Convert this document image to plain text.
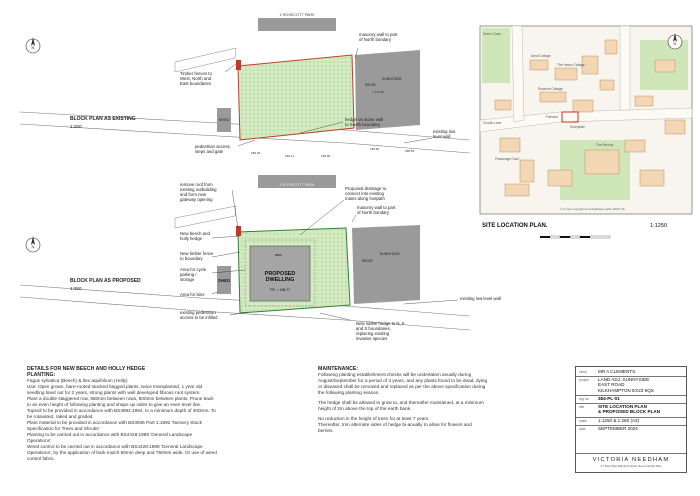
N
1 ROSECOTT PARK
SHED
RIDGE
SUNNYSIDE
+ 170.16
189.29
189.11	188.90
188.82	188.55
BLOCK PLAN AS EXISTING
1:250
masonry wall to part of North bondary
Timber fences to West, North and East boundaries
hedge on stone wall to South boundary
existing low level wall
pedestrian access, steps and gate
N
1 ROSECOTT PARK
PROPOSED DWELLING
FFL = 188.77
8800
SHED
RIDGE
SUNNYSIDE
BLOCK PLAN AS PROPOSED
1:250
remove roof from existing outbuilding and form new gateway opening
Proposed drainage to connect into existing mains along footpath
masonry wall to part of North bondary
New beech and holly hedge
New timber fence to boundary
Area for cycle parking / storage
Area for bins
existing low level wall
existing pedestrian access to be infilled
New native hedge to N, E and S boundaries, replacing existing invasive species
Arnot Cottage
The Haven Cottage
Rosecott Cottage
Fairview
Sunnyside
Parsonage Court
The Rectory
Green Close
Church Lane
N
© Crown copyright and database rights 2024 OS
SITE LOCATION PLAN.	1:1250
DETAILS FOR NEW BEECH AND HOLLY HEDGE
PLANTING:
Fagus sylvatica (Beech) & Ilex aquifolium (Holly)
Use: Open grown, bare-rooted stocked bagged plants, twice transplanted, 1 year old
seedling lined out for 2 years, strong plants with well developed fibrous root system.
Plant a double staggered row, 650mm between rows, 500mm between plants. Prune back
to an even height of following planting and shape up sides to give an even level line.
Topsoil to be provided in accordance with BS3882:1994, to a minimum depth of 400mm. To
be rotavated, raked and graded.
Plant material to be provided in accordance with BS3936 Part 1:1992 'Nursery Stock
Specification for Trees and Shrubs'
Planting to be carried out in accordance with BS4428:1989 'General Landscape
Operations'.
Weed control to be carried out in accordance with BS4428:1989 'General Landscape
Operations', by the application of bark mulch 50mm deep and 750mm wide. Or use of weed
control fabric.
MAINTENANCE:
Following planting establishment checks will be undertaken anually during
August/September for a period of 3 years, and any plants found to be dead, dying
or diseased shall be removed and replaced as per the above specification during
the following planting season.
The hedge shall be allowed to grow to, and thereafter maintained, at a minimum
height of 2m above the top of the earth bank.
No reduction in the height of trees for at least 7 years.
Thereafter, trim alternate sides of hedge bi-anually to allow for flowers and
berries.
client MR A CLEMENTS
project LAND ADJ. SUNNYSIDE
EAST ROAD
KILKHAMPTON EX23 9QS
drg no. 384-PL-01
title	SITE LOCATION PLAN
& PROPOSED BLOCK PLAN
scale 1:1250 & 1:250 (A3)
date	SEPTEMBER 2024
VICTORIA NEEDHAM
17 Red Way Bideford North Devon EX39 3SA
